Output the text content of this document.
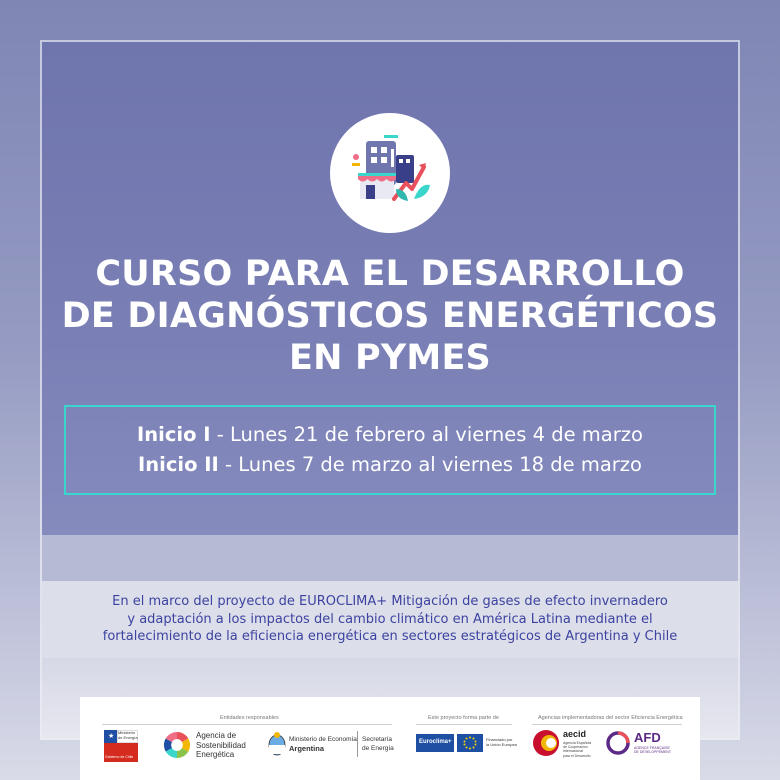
CURSO PARA EL DESARROLLO
DE DIAGNÓSTICOS ENERGÉTICOS
EN PYMES
Inicio I - Lunes 21 de febrero al viernes 4 de marzo
Inicio II - Lunes 7 de marzo al viernes 18 de marzo
En el marco del proyecto de EUROCLIMA+ Mitigación de gases de efecto invernadero
y adaptación a los impactos del cambio climático en América Latina mediante el
fortalecimiento de la eficiencia energética en sectores estratégicos de Argentina y Chile
Entidades responsables	Este proyecto forma parte de	Agencias implementadoras del sector Eficiencia Energética
★ Ministerio de Energía
Gobierno de Chile
Agencia de
Sostenibilidad
Energética
Ministerio de Economía
Argentina
Secretaría
de Energía
Euroclima+	Financiado por
la Unión Europea
aecid
Agencia Española
de Cooperación
Internacional
para el Desarrollo
AFD
AGENCE FRANÇAISE
DE DÉVELOPPEMENT
